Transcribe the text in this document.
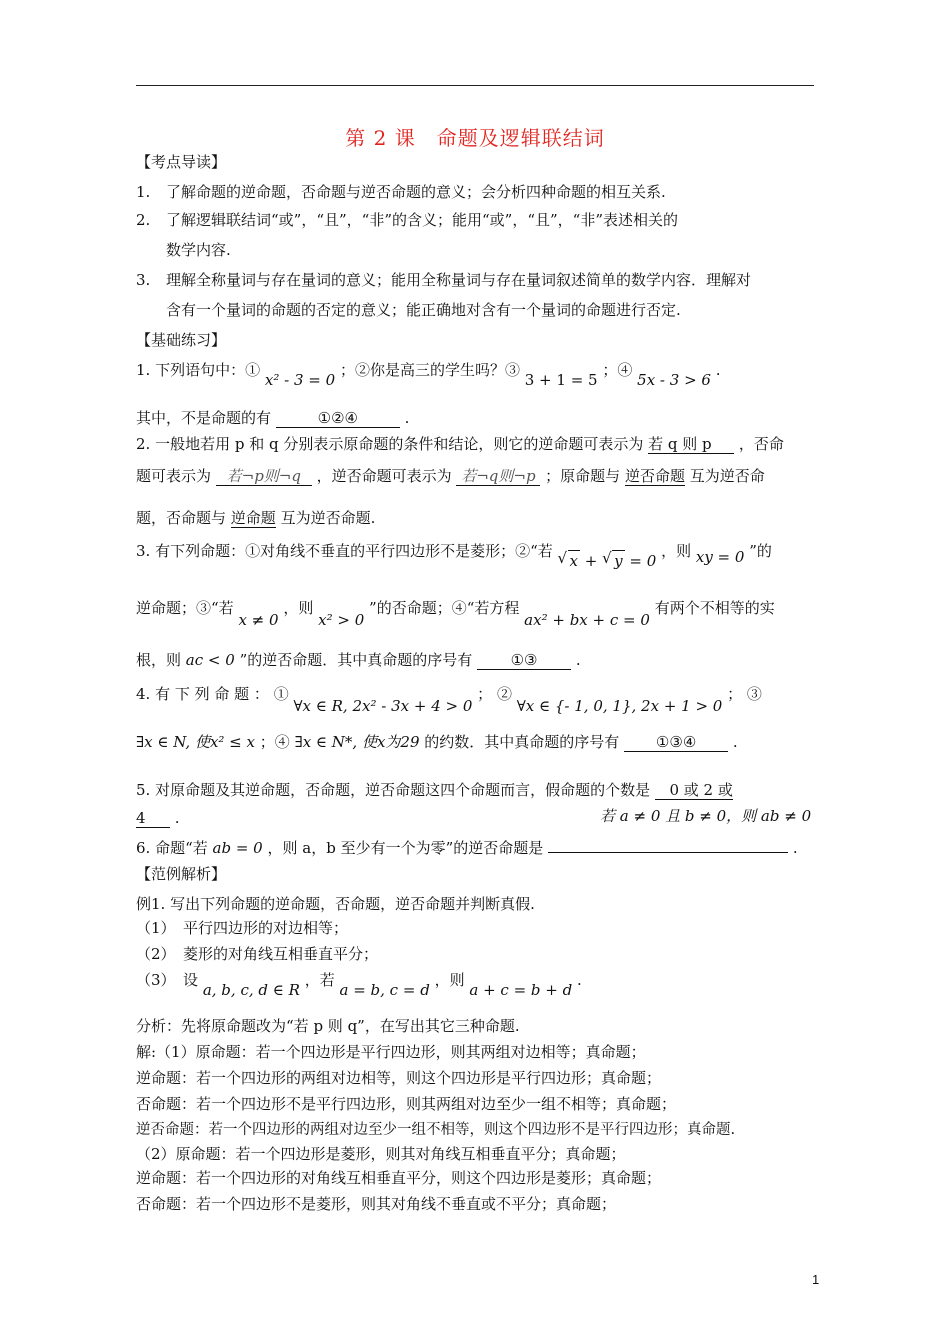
第 2 课　命题及逻辑联结词
【考点导读】
1. 了解命题的逆命题，否命题与逆否命题的意义；会分析四种命题的相互关系.
2. 了解逻辑联结词“或”，“且”，“非”的含义；能用“或”，“且”，“非”表述相关的
数学内容.
3. 理解全称量词与存在量词的意义；能用全称量词与存在量词叙述简单的数学内容．理解对
含有一个量词的命题的否定的意义；能正确地对含有一个量词的命题进行否定.
【基础练习】
1. 下列语句中：① x² - 3 = 0 ；②你是高三的学生吗？③ 3 + 1 = 5 ；④ 5x - 3 > 6 .
其中，不是命题的有	①②④	.
2. 一般地若用 p 和 q 分别表示原命题的条件和结论，则它的逆命题可表示为 若 q 则 p ，否命
题可表示为 若¬p则¬q ，逆否命题可表示为 若¬q则¬p ；原命题与 逆否命题 互为逆否命
题，否命题与 逆命题 互为逆否命题.
3. 有下列命题：①对角线不垂直的平行四边形不是菱形；②“若 √ x + √ y = 0 ，则 xy = 0 ”的
逆命题；③“若 x ≠ 0 ，则 x² > 0 ”的否命题；④“若方程 ax² + bx + c = 0 有两个不相等的实
根，则 ac < 0 ”的逆否命题．其中真命题的序号有	①③	.
4. 有 下 列 命 题 ： ① ∀x ∈ R, 2x² - 3x + 4 > 0 ； ② ∀x ∈ {- 1, 0, 1}, 2x + 1 > 0 ； ③
∃x ∈ N, 使x² ≤ x ；④ ∃x ∈ N*, 使x为29 的约数．其中真命题的序号有 ①③④ .
5. 对原命题及其逆命题，否命题，逆否命题这四个命题而言，假命题的个数是 0 或 2 或
4 .	若 a ≠ 0 且 b ≠ 0，则 ab ≠ 0
6. 命题“若 ab = 0 ，则 a，b 至少有一个为零”的逆否命题是	.
【范例解析】
例1. 写出下列命题的逆命题，否命题，逆否命题并判断真假.
（1）　平行四边形的对边相等；
（2）　菱形的对角线互相垂直平分；
（3）　设 a, b, c, d ∈ R ，若 a = b, c = d ，则 a + c = b + d .
分析：先将原命题改为“若 p 则 q”，在写出其它三种命题.
解:（1）原命题：若一个四边形是平行四边形，则其两组对边相等；真命题；
逆命题：若一个四边形的两组对边相等，则这个四边形是平行四边形；真命题；
否命题：若一个四边形不是平行四边形，则其两组对边至少一组不相等；真命题；
逆否命题：若一个四边形的两组对边至少一组不相等，则这个四边形不是平行四边形；真命题.
（2）原命题：若一个四边形是菱形，则其对角线互相垂直平分；真命题；
逆命题：若一个四边形的对角线互相垂直平分，则这个四边形是菱形；真命题；
否命题：若一个四边形不是菱形，则其对角线不垂直或不平分；真命题；
1
